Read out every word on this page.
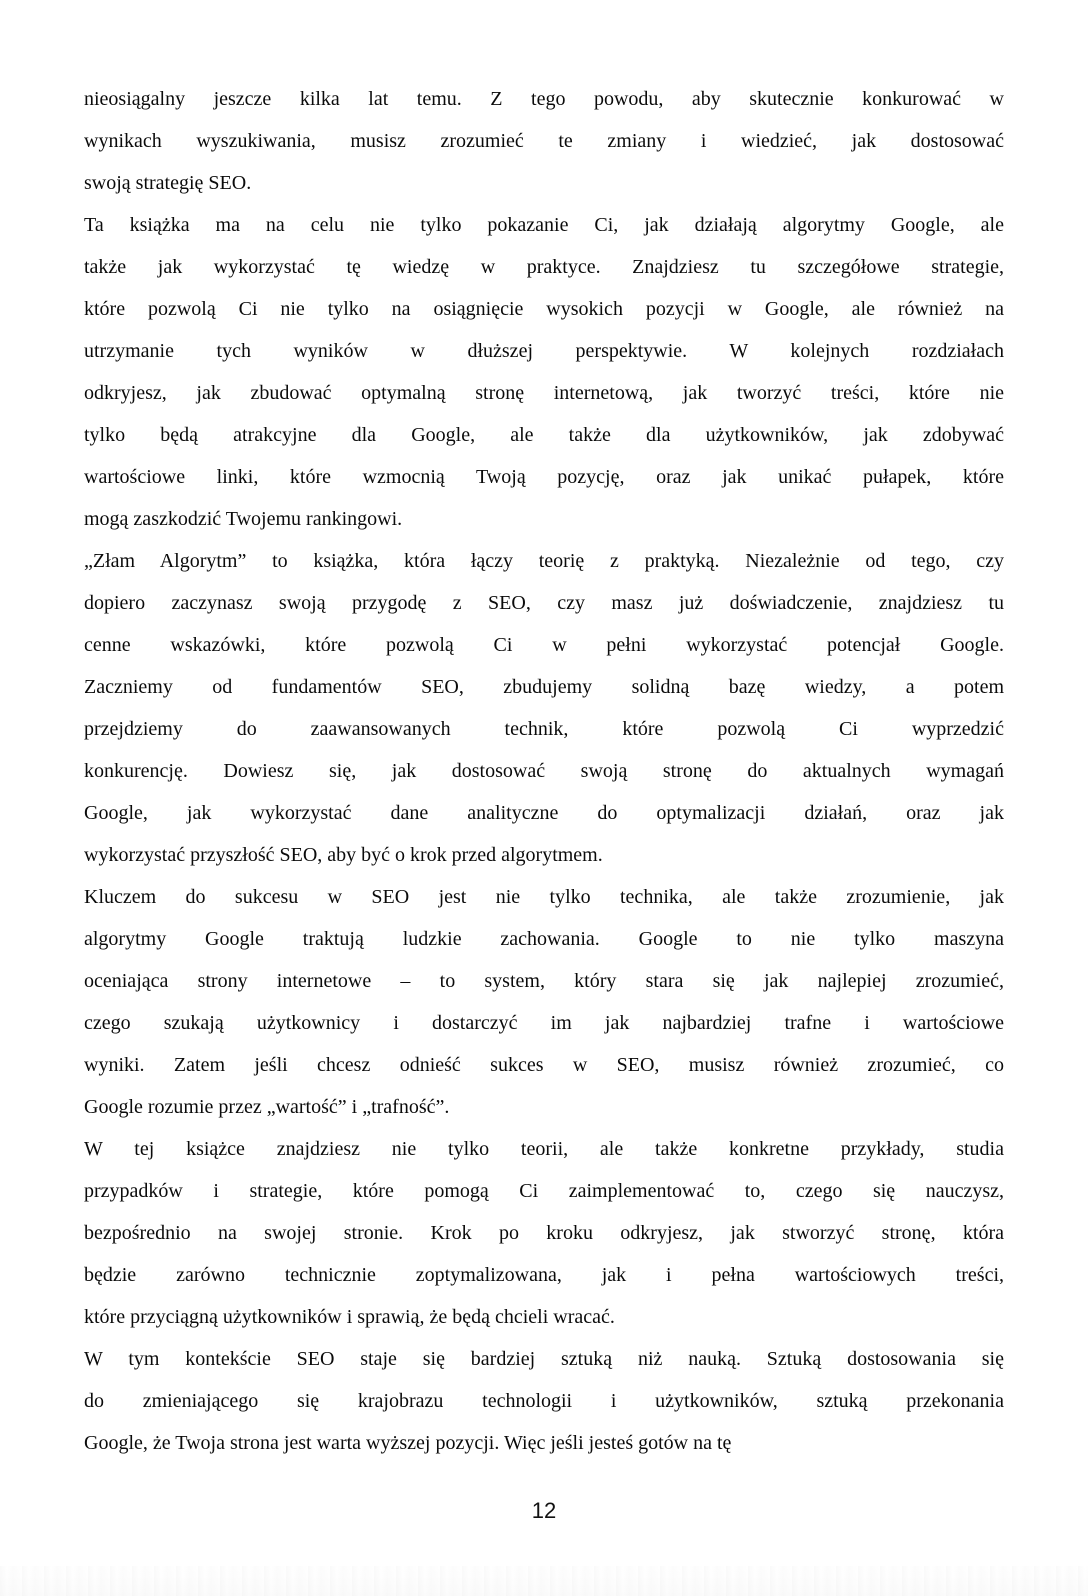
nieosiągalny jeszcze kilka lat temu. Z tego powodu, aby skutecznie konkurować w
wynikach wyszukiwania, musisz zrozumieć te zmiany i wiedzieć, jak dostosować
swoją strategię SEO.

Ta książka ma na celu nie tylko pokazanie Ci, jak działają algorytmy Google, ale
także jak wykorzystać tę wiedzę w praktyce. Znajdziesz tu szczegółowe strategie,
które pozwolą Ci nie tylko na osiągnięcie wysokich pozycji w Google, ale również na
utrzymanie tych wyników w dłuższej perspektywie. W kolejnych rozdziałach
odkryjesz, jak zbudować optymalną stronę internetową, jak tworzyć treści, które nie
tylko będą atrakcyjne dla Google, ale także dla użytkowników, jak zdobywać
wartościowe linki, które wzmocnią Twoją pozycję, oraz jak unikać pułapek, które
mogą zaszkodzić Twojemu rankingowi.

„Złam Algorytm” to książka, która łączy teorię z praktyką. Niezależnie od tego, czy
dopiero zaczynasz swoją przygodę z SEO, czy masz już doświadczenie, znajdziesz tu
cenne wskazówki, które pozwolą Ci w pełni wykorzystać potencjał Google.
Zaczniemy od fundamentów SEO, zbudujemy solidną bazę wiedzy, a potem
przejdziemy do zaawansowanych technik, które pozwolą Ci wyprzedzić
konkurencję. Dowiesz się, jak dostosować swoją stronę do aktualnych wymagań
Google, jak wykorzystać dane analityczne do optymalizacji działań, oraz jak
wykorzystać przyszłość SEO, aby być o krok przed algorytmem.

Kluczem do sukcesu w SEO jest nie tylko technika, ale także zrozumienie, jak
algorytmy Google traktują ludzkie zachowania. Google to nie tylko maszyna
oceniająca strony internetowe – to system, który stara się jak najlepiej zrozumieć,
czego szukają użytkownicy i dostarczyć im jak najbardziej trafne i wartościowe
wyniki. Zatem jeśli chcesz odnieść sukces w SEO, musisz również zrozumieć, co
Google rozumie przez „wartość” i „trafność”.

W tej książce znajdziesz nie tylko teorii, ale także konkretne przykłady, studia
przypadków i strategie, które pomogą Ci zaimplementować to, czego się nauczysz,
bezpośrednio na swojej stronie. Krok po kroku odkryjesz, jak stworzyć stronę, która
będzie zarówno technicznie zoptymalizowana, jak i pełna wartościowych treści,
które przyciągną użytkowników i sprawią, że będą chcieli wracać.

W tym kontekście SEO staje się bardziej sztuką niż nauką. Sztuką dostosowania się
do zmieniającego się krajobrazu technologii i użytkowników, sztuką przekonania
Google, że Twoja strona jest warta wyższej pozycji. Więc jeśli jesteś gotów na tę

12
